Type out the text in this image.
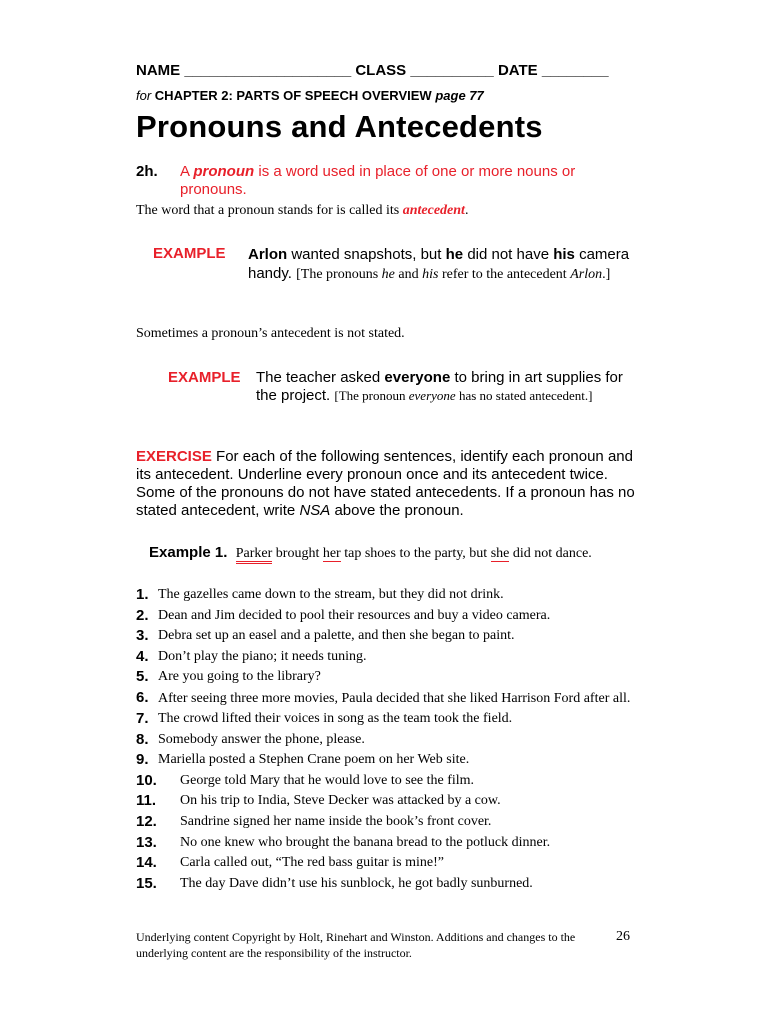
NAME ____________________ CLASS __________ DATE ________
for CHAPTER 2: PARTS OF SPEECH OVERVIEW page 77
Pronouns and Antecedents
2h. A pronoun is a word used in place of one or more nouns or pronouns.
The word that a pronoun stands for is called its antecedent.
EXAMPLE Arlon wanted snapshots, but he did not have his camera handy. [The pronouns he and his refer to the antecedent Arlon.]
Sometimes a pronoun’s antecedent is not stated.
EXAMPLE The teacher asked everyone to bring in art supplies for the project. [The pronoun everyone has no stated antecedent.]
EXERCISE For each of the following sentences, identify each pronoun and its antecedent. Underline every pronoun once and its antecedent twice. Some of the pronouns do not have stated antecedents. If a pronoun has no stated antecedent, write NSA above the pronoun.
Example 1. Parker brought her tap shoes to the party, but she did not dance.
1. The gazelles came down to the stream, but they did not drink.
2. Dean and Jim decided to pool their resources and buy a video camera.
3. Debra set up an easel and a palette, and then she began to paint.
4. Don’t play the piano; it needs tuning.
5. Are you going to the library?
6. After seeing three more movies, Paula decided that she liked Harrison Ford after all.
7. The crowd lifted their voices in song as the team took the field.
8. Somebody answer the phone, please.
9. Mariella posted a Stephen Crane poem on her Web site.
10.	George told Mary that he would love to see the film.
11.	On his trip to India, Steve Decker was attacked by a cow.
12.	Sandrine signed her name inside the book’s front cover.
13.	No one knew who brought the banana bread to the potluck dinner.
14.	Carla called out, “The red bass guitar is mine!”
15.	The day Dave didn’t use his sunblock, he got badly sunburned.
Underlying content Copyright by Holt, Rinehart and Winston. Additions and changes to the underlying content are the responsibility of the instructor.
26
